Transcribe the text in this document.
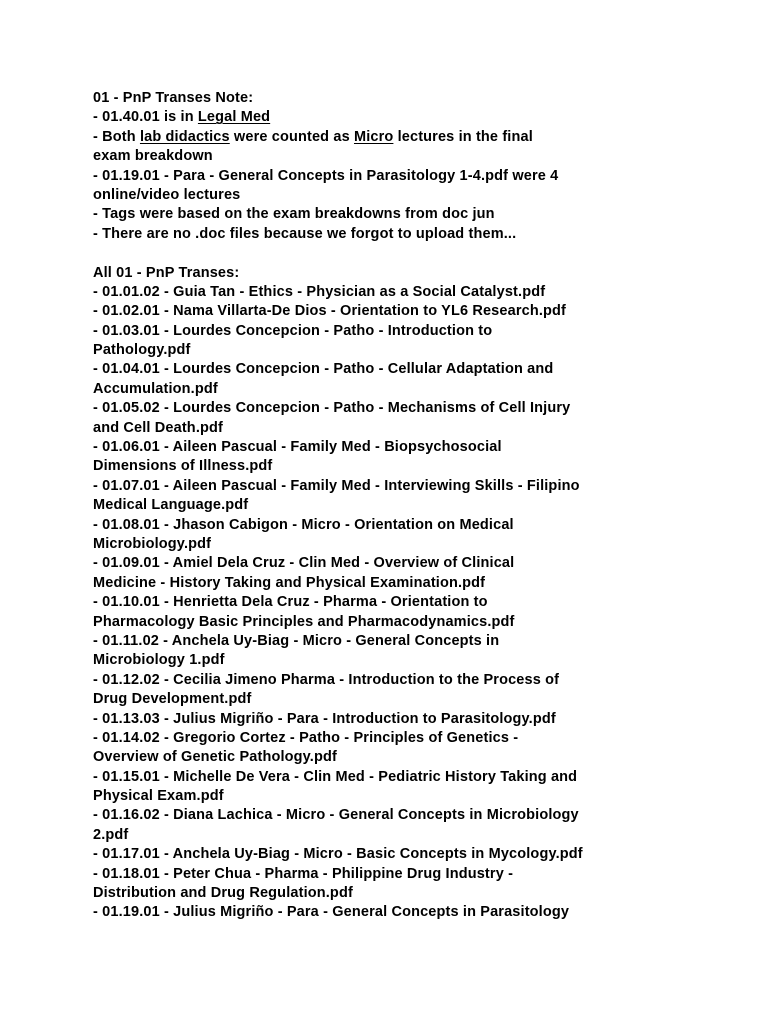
01 - PnP Transes Note:
- 01.40.01 is in Legal Med
- Both lab didactics were counted as Micro lectures in the final
exam breakdown
- 01.19.01 - Para - General Concepts in Parasitology 1-4.pdf were 4
online/video lectures
- Tags were based on the exam breakdowns from doc jun
- There are no .doc files because we forgot to upload them...
All 01 - PnP Transes:
- 01.01.02 - Guia Tan - Ethics - Physician as a Social Catalyst.pdf
- 01.02.01 - Nama Villarta-De Dios - Orientation to YL6 Research.pdf
- 01.03.01 - Lourdes Concepcion - Patho - Introduction to
Pathology.pdf
- 01.04.01 - Lourdes Concepcion - Patho - Cellular Adaptation and
Accumulation.pdf
- 01.05.02 - Lourdes Concepcion - Patho - Mechanisms of Cell Injury
and Cell Death.pdf
- 01.06.01 - Aileen Pascual - Family Med - Biopsychosocial
Dimensions of Illness.pdf
- 01.07.01 - Aileen Pascual - Family Med - Interviewing Skills - Filipino
Medical Language.pdf
- 01.08.01 - Jhason Cabigon - Micro - Orientation on Medical
Microbiology.pdf
- 01.09.01 - Amiel Dela Cruz - Clin Med - Overview of Clinical
Medicine - History Taking and Physical Examination.pdf
- 01.10.01 - Henrietta Dela Cruz - Pharma - Orientation to
Pharmacology Basic Principles and Pharmacodynamics.pdf
- 01.11.02 - Anchela Uy-Biag - Micro - General Concepts in
Microbiology 1.pdf
- 01.12.02 - Cecilia Jimeno Pharma - Introduction to the Process of
Drug Development.pdf
- 01.13.03 - Julius Migriño - Para - Introduction to Parasitology.pdf
- 01.14.02 - Gregorio Cortez - Patho - Principles of Genetics -
Overview of Genetic Pathology.pdf
- 01.15.01 - Michelle De Vera - Clin Med - Pediatric History Taking and
Physical Exam.pdf
- 01.16.02 - Diana Lachica - Micro - General Concepts in Microbiology
2.pdf
- 01.17.01 - Anchela Uy-Biag - Micro - Basic Concepts in Mycology.pdf
- 01.18.01 - Peter Chua - Pharma - Philippine Drug Industry -
Distribution and Drug Regulation.pdf
- 01.19.01 - Julius Migriño - Para - General Concepts in Parasitology
